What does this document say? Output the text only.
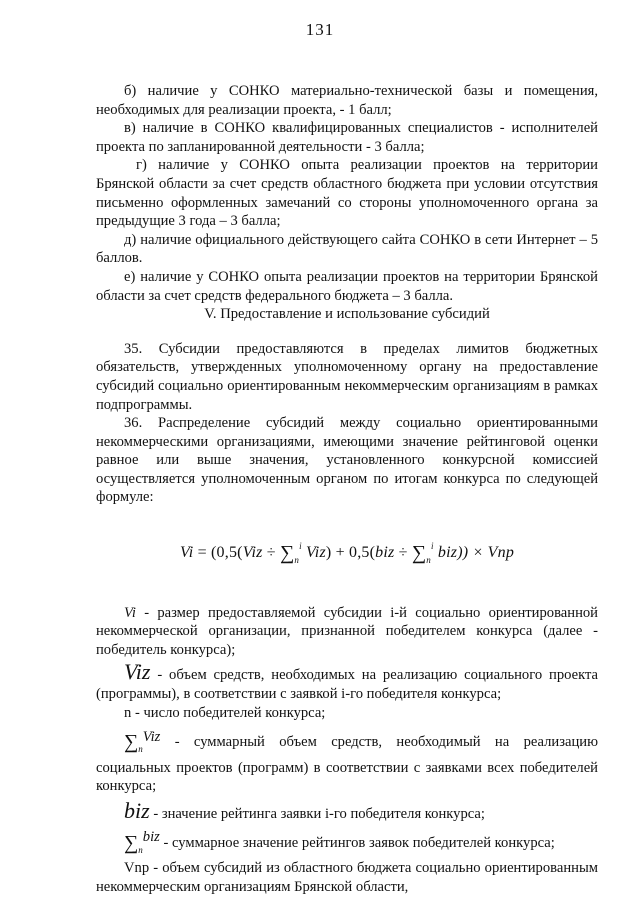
131

б) наличие у СОНКО материально-технической базы и помещения, необходимых для реализации проекта, - 1 балл;

в) наличие в СОНКО квалифицированных специалистов - исполнителей проекта по запланированной деятельности - 3 балла;

г) наличие у СОНКО опыта реализации проектов на территории Брянской области за счет средств областного бюджета при условии отсутствия письменно оформленных замечаний со стороны уполномоченного органа за предыдущие 3 года – 3 балла;

д) наличие официального действующего сайта СОНКО в сети Интернет – 5 баллов.

е) наличие у СОНКО опыта реализации проектов на территории Брянской области за счет средств федерального бюджета – 3 балла.

V. Предоставление и использование субсидий

35. Субсидии предоставляются в пределах лимитов бюджетных обязательств, утвержденных уполномоченному органу на предоставление субсидий социально ориентированным некоммерческим организациям в рамках подпрограммы.

36. Распределение субсидий между социально ориентированными некоммерческими организациями, имеющими значение рейтинговой оценки равное или выше значения, установленного конкурсной комиссией осуществляется уполномоченным органом по итогам конкурса по следующей формуле:

$Vi = (0,5(Viz \div \sum_n^i$ $Viz) + 0,5(biz \div \sum_n^i$ biz)) × Vnp

Vi - размер предоставляемой субсидии i-й социально ориентированной некоммерческой организации, признанной победителем конкурса (далее - победитель конкурса);

Viz - объем средств, необходимых на реализацию социального проекта (программы), в соответствии с заявкой i-го победителя конкурса;

n - число победителей конкурса;

$\sum_nViz$ - суммарный объем средств, необходимый на реализацию социальных проектов (программ) в соответствии с заявками всех победителей конкурса;

biz - значение рейтинга заявки i-го победителя конкурса;

$\sum_nbiz$ - суммарное значение рейтингов заявок победителей конкурса;

Vnp - объем субсидий из областного бюджета социально ориентированным некоммерческим организациям Брянской области,
